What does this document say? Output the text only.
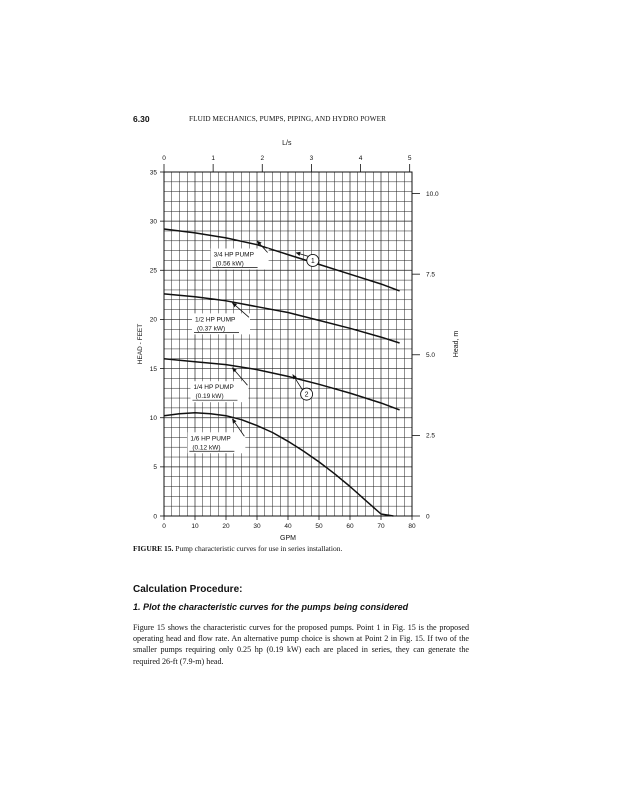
6.30	FLUID MECHANICS, PUMPS, PIPING, AND HYDRO POWER
0	10	20	30	40	50	60	70	80
GPM
0
5
10
15
20
25
30
35
HEAD - FEET
0	1	2	3	4	5
L/s
0
2.5
5.0
7.5
10.0
Head, m
3/4 HP PUMP
(0.56 kW)
1/2 HP PUMP
(0.37 kW)
1/4 HP PUMP
(0.19 kW)
1/6 HP PUMP
(0.12 kW)
1
2
FIGURE 15. Pump characteristic curves for use in series installation.
Calculation Procedure:
1. Plot the characteristic curves for the pumps being considered
Figure 15 shows the characteristic curves for the proposed pumps. Point 1 in Fig. 15 is the proposed operating head and flow rate. An alternative pump choice is shown at Point 2 in Fig. 15. If two of the smaller pumps requiring only 0.25 hp (0.19 kW) each are placed in series, they can generate the required 26-ft (7.9-m) head.
